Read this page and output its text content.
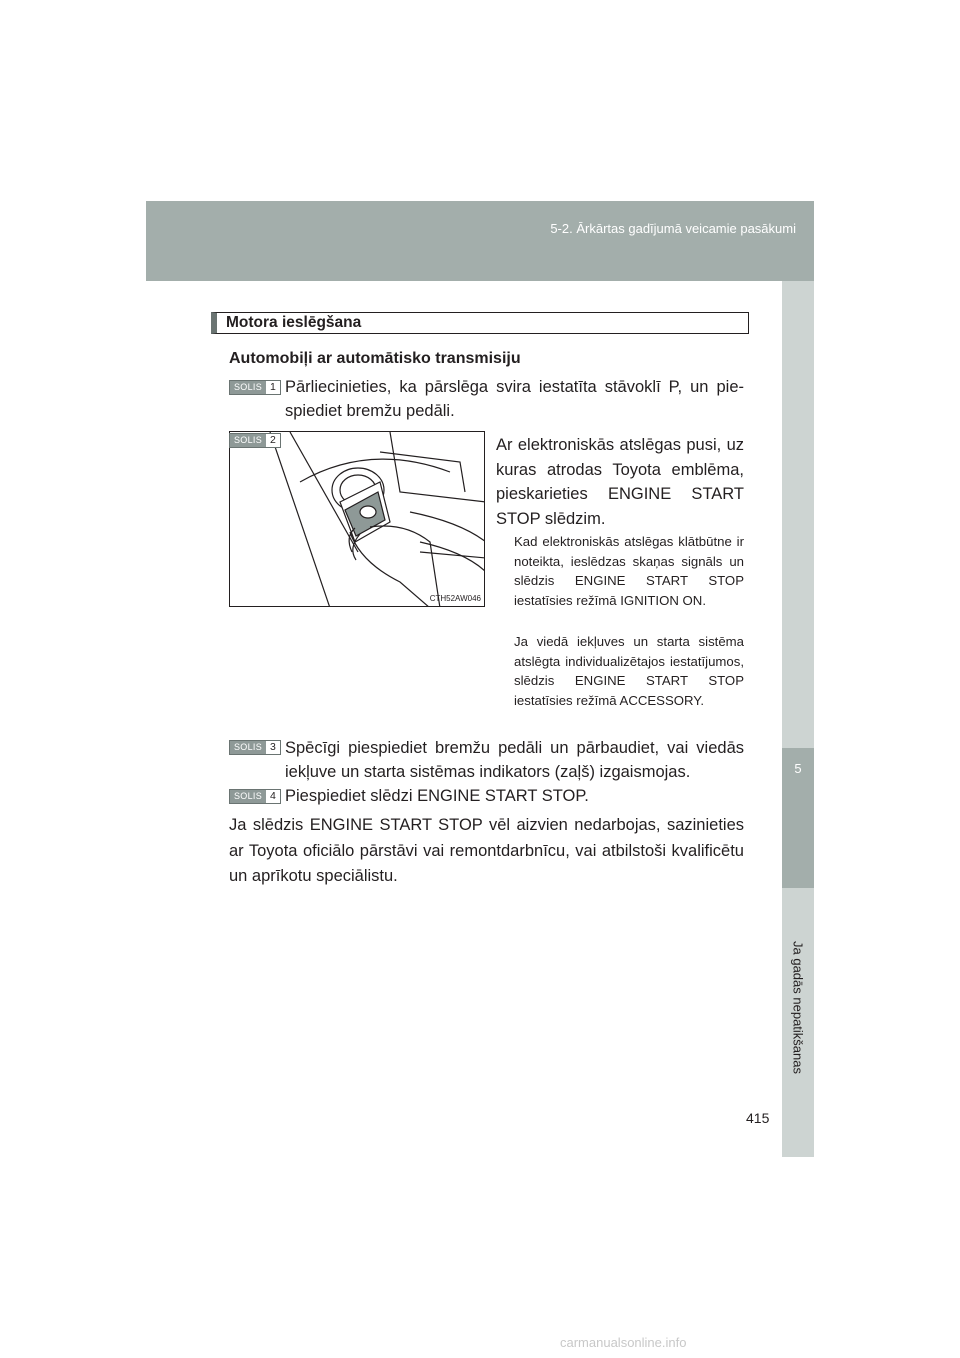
5-2. Ārkārtas gadījumā veicamie pasākumi
5
Ja gadās nepatikšanas
Motora ieslēgšana
Automobiļi ar automātisko transmisiju
SOLIS 1 Pārliecinieties, ka pārslēga svira iestatīta stāvoklī P, un piespiediet bremžu pedāli.
CTH52AW046
SOLIS 2	Ar elektroniskās atslēgas pusi, uz kuras atrodas Toyota emblēma, pieskarieties ENGINE START STOP slēdzim.
Kad elektroniskās atslēgas klātbūtne ir noteikta, ieslēdzas skaņas signāls un slēdzis ENGINE START STOP iestatīsies režīmā IGNITION ON.
Ja viedā iekļuves un starta sistēma atslēgta individualizētajos iestatījumos, slēdzis ENGINE START STOP iestatīsies režīmā ACCESSORY.
SOLIS 3 Spēcīgi piespiediet bremžu pedāli un pārbaudiet, vai viedās iekļuve un starta sistēmas indikators (zaļš) izgaismojas.
SOLIS 4 Piespiediet slēdzi ENGINE START STOP.
Ja slēdzis ENGINE START STOP vēl aizvien nedarbojas, sazinieties ar Toyota oficiālo pārstāvi vai remontdarbnīcu, vai atbilstoši kvalificētu un aprīkotu speciālistu.
415
carmanualsonline.info
